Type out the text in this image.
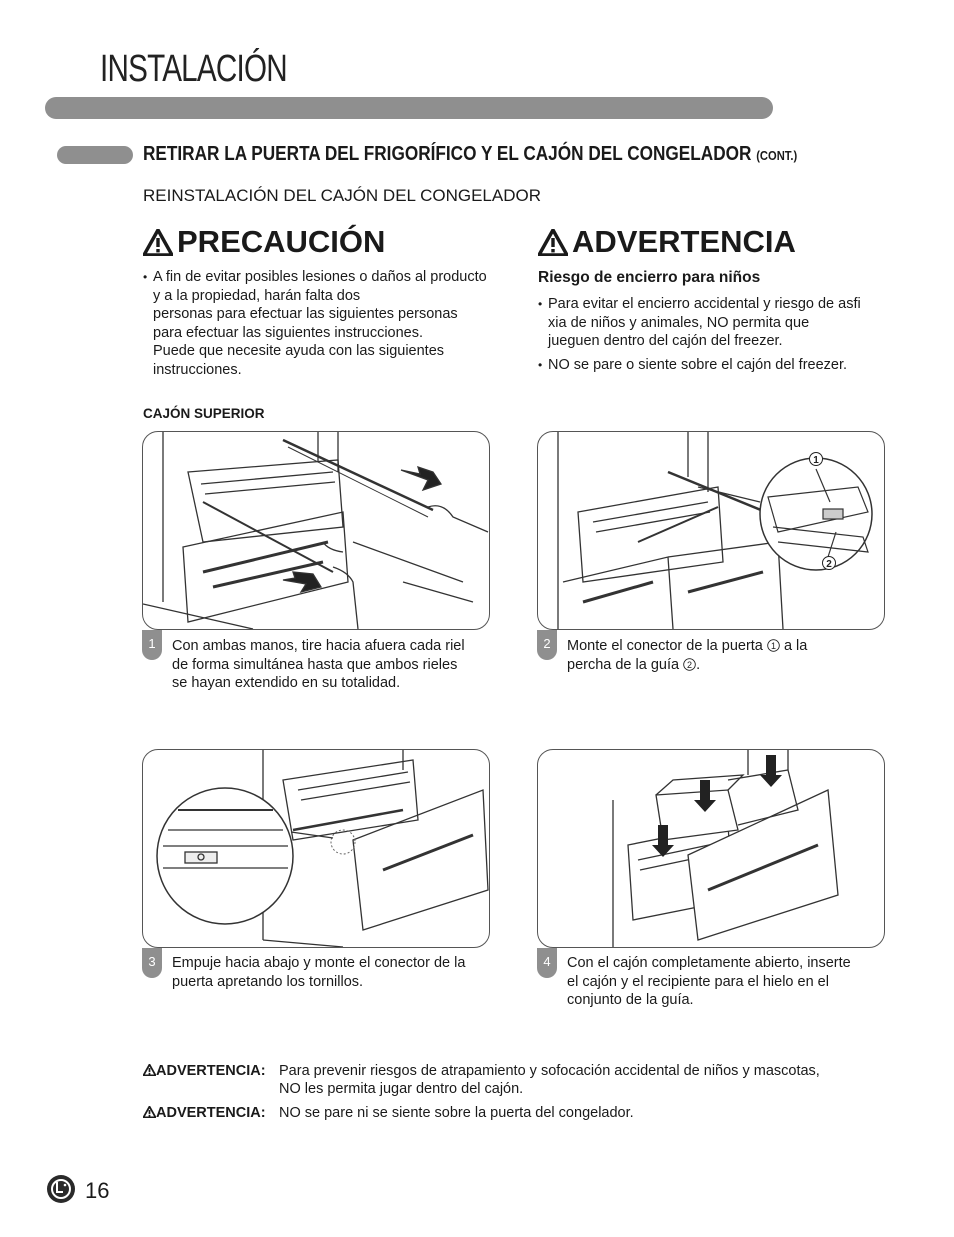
INSTALACIÓN
RETIRAR LA PUERTA DEL FRIGORÍFICO Y EL CAJÓN DEL CONGELADOR (CONT.)
REINSTALACIÓN DEL CAJÓN DEL CONGELADOR
PRECAUCIÓN
• A fin de evitar posibles lesiones o daños al producto
y a la propiedad, harán falta dos
personas para efectuar las siguientes personas
para efectuar las siguientes instrucciones.
Puede que necesite ayuda con las siguientes
instrucciones.
ADVERTENCIA
Riesgo de encierro para niños
• Para evitar el encierro accidental y riesgo de asfi
xia de niños y animales, NO permita que
jueguen dentro del cajón del freezer.
• NO se pare o siente sobre el cajón del freezer.
CAJÓN SUPERIOR
1	Con ambas manos, tire hacia afuera cada riel
de forma simultánea hasta que ambos rieles
se hayan extendido en su totalidad.
1
2
2	Monte el conector de la puerta 1 a la
percha de la guía 2 .
3	Empuje hacia abajo y monte el conector de la
puerta apretando los tornillos.
4	Con el cajón completamente abierto, inserte
el cajón y el recipiente para el hielo en el
conjunto de la guía.
ADVERTENCIA: Para prevenir riesgos de atrapamiento y sofocación accidental de niños y mascotas,
NO les permita jugar dentro del cajón.
ADVERTENCIA: NO se pare ni se siente sobre la puerta del congelador.
16
